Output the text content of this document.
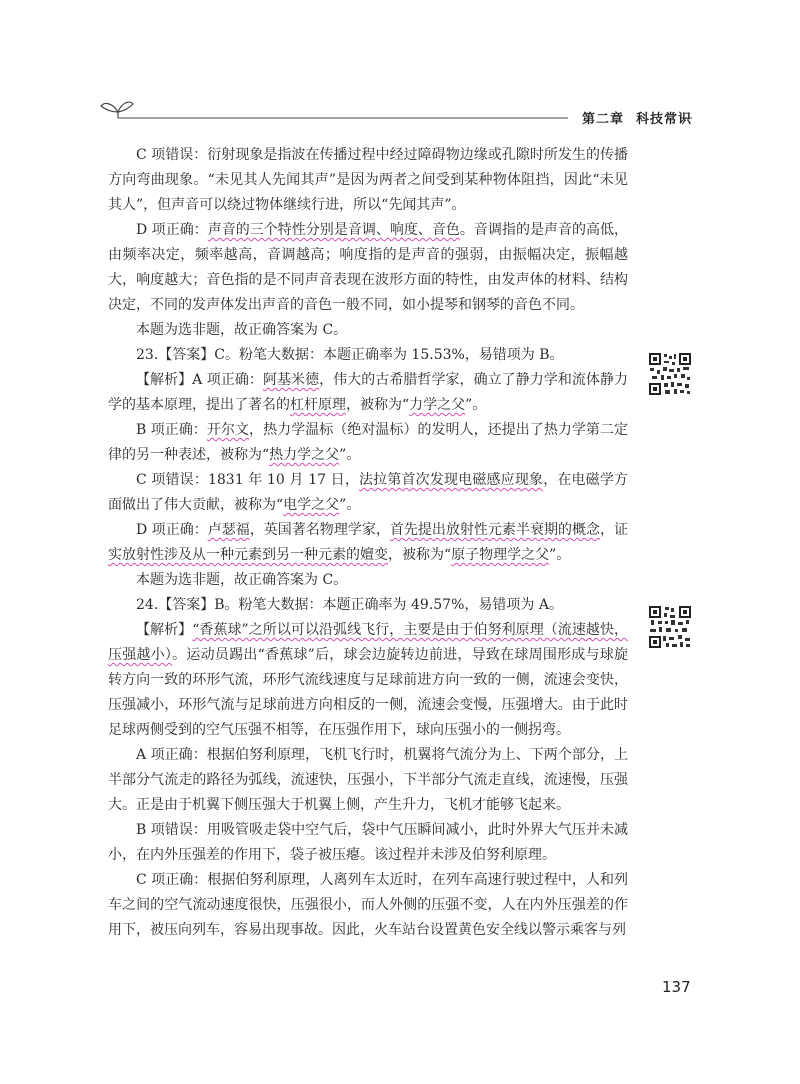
第二章 科技常识

C 项错误：衍射现象是指波在传播过程中经过障碍物边缘或孔隙时所发生的传播方向弯曲现象。“未见其人先闻其声”是因为两者之间受到某种物体阻挡，因此“未见其人”，但声音可以绕过物体继续行进，所以“先闻其声”。

D 项正确：声音的三个特性分别是音调、响度、音色。音调指的是声音的高低，由频率决定，频率越高，音调越高；响度指的是声音的强弱，由振幅决定，振幅越大，响度越大；音色指的是不同声音表现在波形方面的特性，由发声体的材料、结构决定，不同的发声体发出声音的音色一般不同，如小提琴和钢琴的音色不同。

本题为选非题，故正确答案为 C。

23.【答案】C。粉笔大数据：本题正确率为 15.53%，易错项为 B。

【解析】A 项正确：阿基米德，伟大的古希腊哲学家，确立了静力学和流体静力学的基本原理，提出了著名的杠杆原理，被称为“力学之父”。

B 项正确：开尔文，热力学温标（绝对温标）的发明人，还提出了热力学第二定律的另一种表述，被称为“热力学之父”。

C 项错误：1831 年 10 月 17 日，法拉第首次发现电磁感应现象，在电磁学方面做出了伟大贡献，被称为“电学之父”。

D 项正确：卢瑟福，英国著名物理学家，首先提出放射性元素半衰期的概念，证实放射性涉及从一种元素到另一种元素的嬗变，被称为“原子物理学之父”。

本题为选非题，故正确答案为 C。

24.【答案】B。粉笔大数据：本题正确率为 49.57%，易错项为 A。

【解析】“香蕉球”之所以可以沿弧线飞行，主要是由于伯努利原理（流速越快，压强越小）。运动员踢出“香蕉球”后，球会边旋转边前进，导致在球周围形成与球旋转方向一致的环形气流，环形气流线速度与足球前进方向一致的一侧，流速会变快，压强减小，环形气流与足球前进方向相反的一侧，流速会变慢，压强增大。由于此时足球两侧受到的空气压强不相等，在压强作用下，球向压强小的一侧拐弯。

A 项正确：根据伯努利原理，飞机飞行时，机翼将气流分为上、下两个部分，上半部分气流走的路径为弧线，流速快，压强小，下半部分气流走直线，流速慢，压强大。正是由于机翼下侧压强大于机翼上侧，产生升力，飞机才能够飞起来。

B 项错误：用吸管吸走袋中空气后，袋中气压瞬间减小，此时外界大气压并未减小，在内外压强差的作用下，袋子被压瘪。该过程并未涉及伯努利原理。

C 项正确：根据伯努利原理，人离列车太近时，在列车高速行驶过程中，人和列车之间的空气流动速度很快，压强很小，而人外侧的压强不变，人在内外压强差的作用下，被压向列车，容易出现事故。因此，火车站台设置黄色安全线以警示乘客与列

137
